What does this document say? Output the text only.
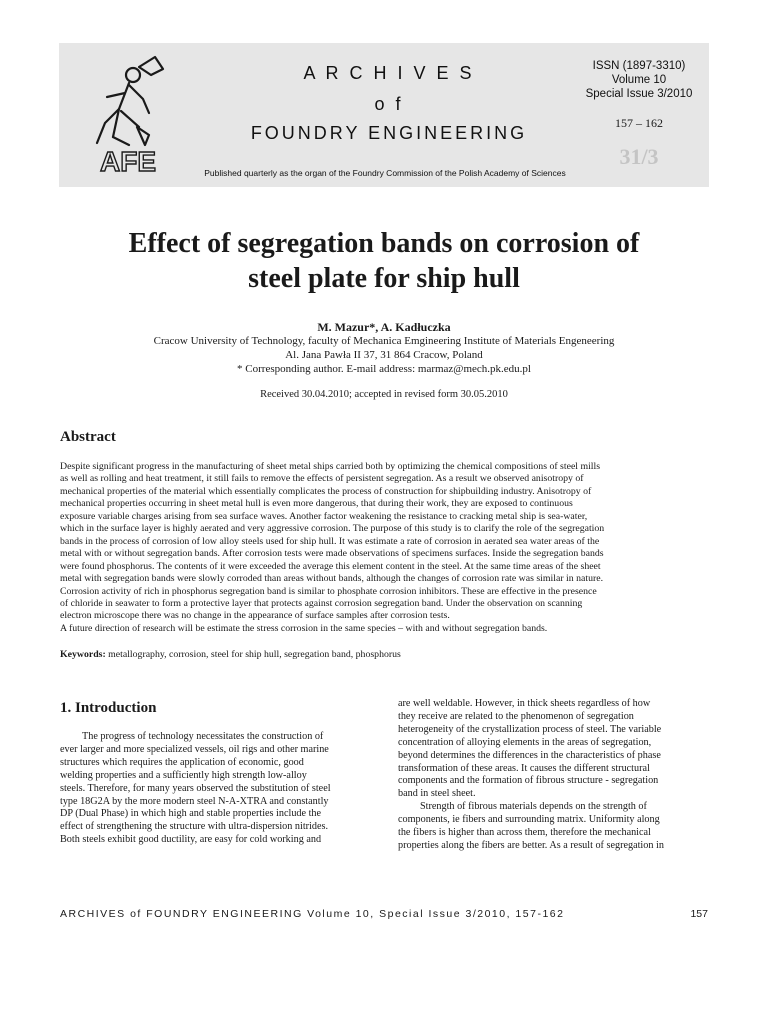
AFE
A R C H I V E S
o f
FOUNDRY ENGINEERING
ISSN (1897-3310)
Volume 10
Special Issue 3/2010
157 – 162
31/3
Published quarterly as the organ of the Foundry Commission of the Polish Academy of Sciences
Effect of segregation bands on corrosion of
steel plate for ship hull
M. Mazur*, A. Kadłuczka
Cracow University of Technology, faculty of Mechanica Emgineering Institute of Materials Engeneering
Al. Jana Pawła II 37, 31 864 Cracow, Poland
* Corresponding author. E-mail address: marmaz@mech.pk.edu.pl
Received 30.04.2010; accepted in revised form 30.05.2010
Abstract

Despite significant progress in the manufacturing of sheet metal ships carried both by optimizing the chemical compositions of steel mills
as well as rolling and heat treatment, it still fails to remove the effects of persistent segregation. As a result we observed anisotropy of
mechanical properties of the material which essentially complicates the process of construction for shipbuilding industry. Anisotropy of
mechanical properties occurring in sheet metal hull is even more dangerous, that during their work, they are exposed to continuous
exposure variable charges arising from sea surface waves. Another factor weakening the resistance to cracking metal ship is sea-water,
which in the surface layer is highly aerated and very aggressive corrosion. The purpose of this study is to clarify the role of the segregation
bands in the process of corrosion of low alloy steels used for ship hull. It was estimate a rate of corrosion in aerated sea water areas of the
metal with or without segregation bands. After corrosion tests were made observations of specimens surfaces. Inside the segregation bands
were found phosphorus. The contents of it were exceeded the average this element content in the steel. At the same time areas of the sheet
metal with segregation bands were slowly corroded than areas without bands, although the changes of corrosion rate was similar in nature.
Corrosion activity of rich in phosphorus segregation band is similar to phosphate corrosion inhibitors. These are effective in the presence
of chloride in seawater to form a protective layer that protects against corrosion segregation band. Under the observation on scanning
electron microscope there was no change in the appearance of surface samples after corrosion tests.
A future direction of research will be estimate the stress corrosion in the same species – with and without segregation bands.

Keywords: metallography, corrosion, steel for ship hull, segregation band, phosphorus
1. Introduction

The progress of technology necessitates the construction of
ever larger and more specialized vessels, oil rigs and other marine
structures which requires the application of economic, good
welding properties and a sufficiently high strength low-alloy
steels. Therefore, for many years observed the substitution of steel
type 18G2A by the more modern steel N-A-XTRA and constantly
DP (Dual Phase) in which high and stable properties include the
effect of strengthening the structure with ultra-dispersion nitrides.
Both steels exhibit good ductility, are easy for cold working and

are well weldable. However, in thick sheets regardless of how
they receive are related to the phenomenon of segregation
heterogeneity of the crystallization process of steel. The variable
concentration of alloying elements in the areas of segregation,
beyond determines the differences in the characteristics of phase
transformation of these areas. It causes the different structural
components and the formation of fibrous structure - segregation
band in steel sheet.
Strength of fibrous materials depends on the strength of
components, ie fibers and surrounding matrix. Uniformity along
the fibers is higher than across them, therefore the mechanical
properties along the fibers are better. As a result of segregation in

ARCHIVES of FOUNDRY ENGINEERING Volume 10, Special Issue 3/2010, 157-162	157
